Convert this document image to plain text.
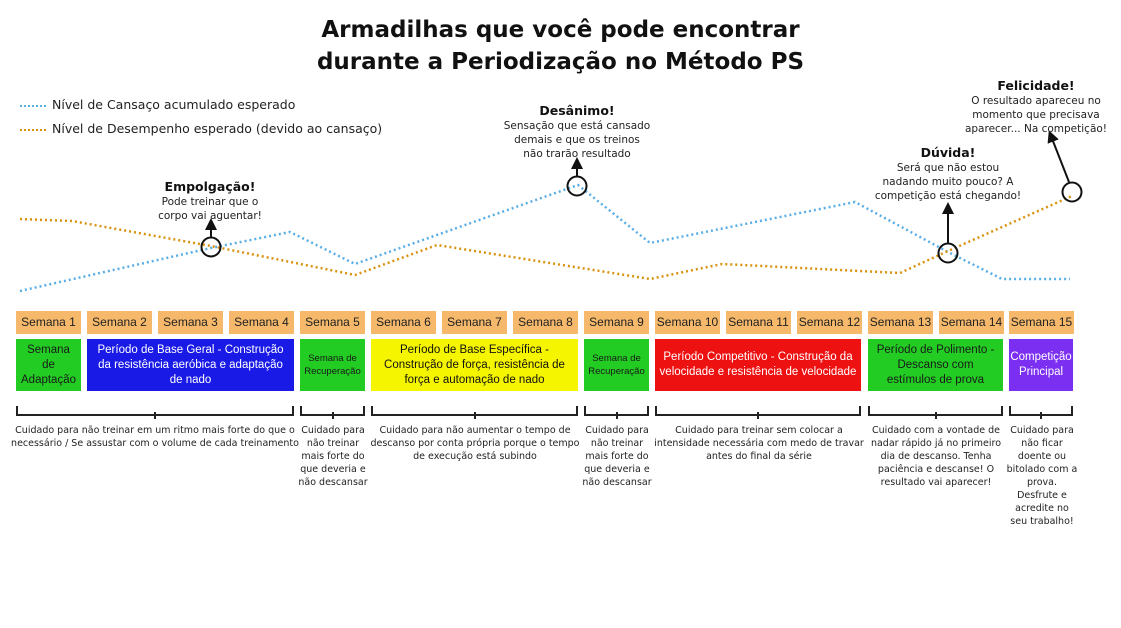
Armadilhas que você pode encontrar
durante a Periodização no Método PS
Nível de Cansaço acumulado esperado
Nível de Desempenho esperado (devido ao cansaço)
Empolgação!
Pode treinar que o
corpo vai aguentar!
Desânimo!
Sensação que está cansado
demais e que os treinos
não trarão resultado	Dúvida!
Será que não estou
nadando muito pouco? A
competição está chegando!
Felicidade!
O resultado apareceu no
momento que precisava
aparecer... Na competição!
Semana 1	Semana 2	Semana 3	Semana 4	Semana 5	Semana 6	Semana 7	Semana 8	Semana 9	Semana 10 Semana 11 Semana 12 Semana 13 Semana 14 Semana 15
Semana de Adaptação
Período de Base Geral - Construção da resistência aeróbica e adaptação de nado
Semana de Recuperação
Período de Base Específica - Construção de força, resistência de força e automação de nado
Semana de Recuperação
Período Competitivo - Construção da velocidade e resistência de velocidade
Período de Polimento - Descanso com estímulos de prova
Competição Principal
Cuidado para não treinar em um ritmo mais forte do que o
necessário / Se assustar com o volume de cada treinamento
Cuidado para
não treinar
mais forte do
que deveria e
não descansar
Cuidado para não aumentar o tempo de
descanso por conta própria porque o tempo
de execução está subindo
Cuidado para
não treinar
mais forte do
que deveria e
não descansar
Cuidado para treinar sem colocar a
intensidade necessária com medo de travar
antes do final da série
Cuidado com a vontade de
nadar rápido já no primeiro
dia de descanso. Tenha
paciência e descanse! O
resultado vai aparecer!
Cuidado para
não ficar
doente ou
bitolado com a
prova.
Desfrute e
acredite no
seu trabalho!
